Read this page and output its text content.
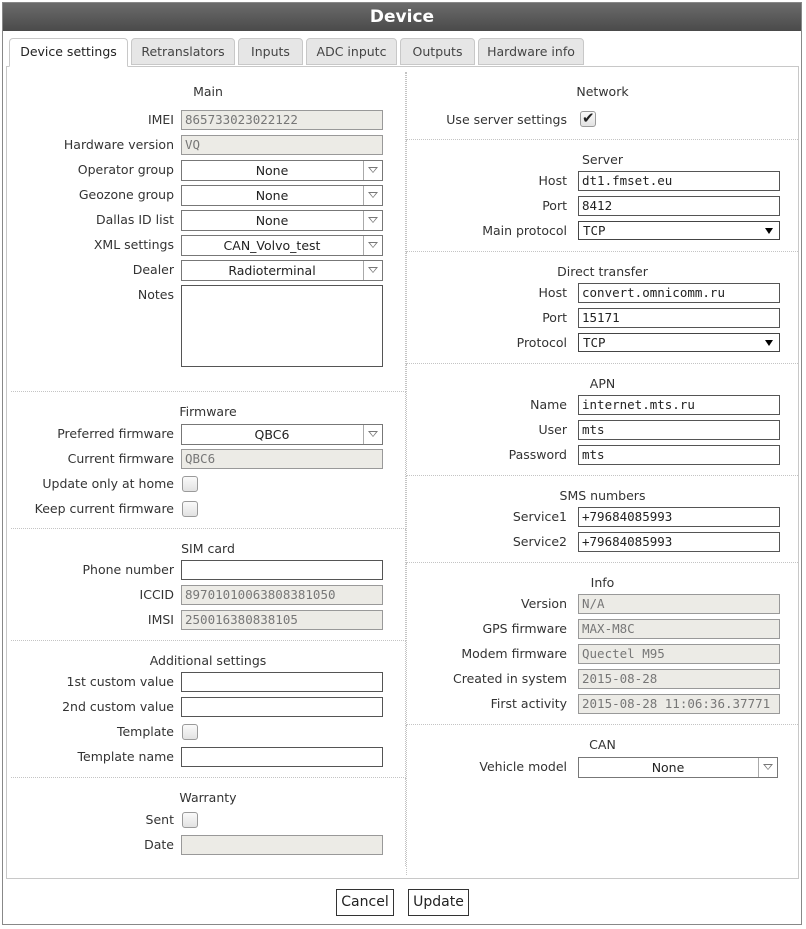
Device
Device settings	Retranslators	Inputs	ADC inputc	Outputs	Hardware info
Main
IMEI 865733023022122
Hardware version VQ
Operator group	None
Geozone group	None
Dallas ID list	None
XML settings	CAN_Volvo_test
Dealer	Radioterminal
Notes
Firmware
Preferred firmware	QBC6
Current firmware QBC6
Update only at home
Keep current firmware
SIM card
Phone number
ICCID 89701010063808381050
IMSI 250016380838105
Additional settings
1st custom value
2nd custom value
Template
Template name
Warranty
Sent
Date
Network
Use server settings ✔
Server
Host	dt1.fmset.eu
Port	8412
Main protocol	TCP
Direct transfer
Host	convert.omnicomm.ru
Port	15171
Protocol	TCP
APN
Name	internet.mts.ru
User	mts
Password	mts
SMS numbers
Service1	+79684085993
Service2	+79684085993
Info
Version	N/A
GPS firmware	MAX-M8C
Modem firmware	Quectel M95
Created in system	2015-08-28
First activity	2015-08-28 11:06:36.37771
CAN
Vehicle model	None
Cancel	Update
